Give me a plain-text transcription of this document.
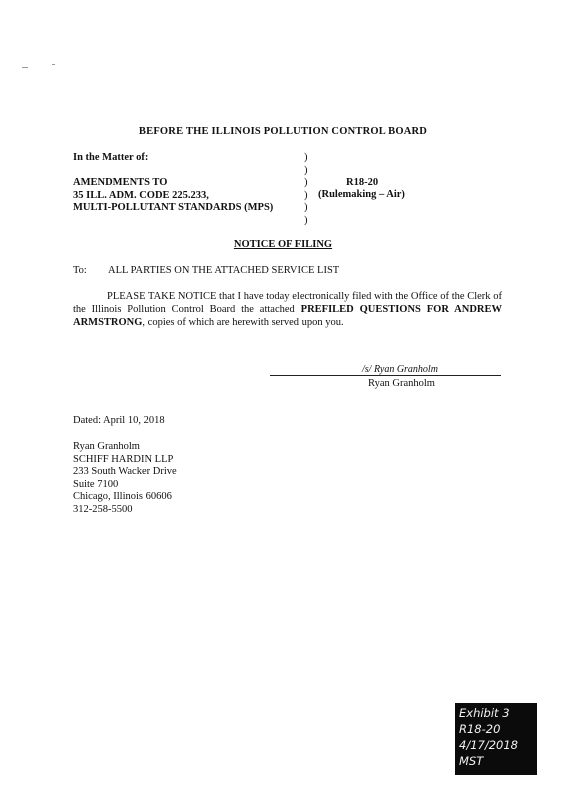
BEFORE THE ILLINOIS POLLUTION CONTROL BOARD
In the Matter of:
AMENDMENTS TO
35 ILL. ADM. CODE 225.233,
MULTI-POLLUTANT STANDARDS (MPS)
)
)
)
)
)
)
R18-20
(Rulemaking – Air)
NOTICE OF FILING
To: ALL PARTIES ON THE ATTACHED SERVICE LIST
PLEASE TAKE NOTICE that I have today electronically filed with the Office of the Clerk of the Illinois Pollution Control Board the attached PREFILED QUESTIONS FOR ANDREW ARMSTRONG, copies of which are herewith served upon you.
/s/ Ryan Granholm
Ryan Granholm
Dated: April 10, 2018
Ryan Granholm
SCHIFF HARDIN LLP
233 South Wacker Drive
Suite 7100
Chicago, Illinois 60606
312-258-5500
Exhibit 3
R18-20
4/17/2018
MST
